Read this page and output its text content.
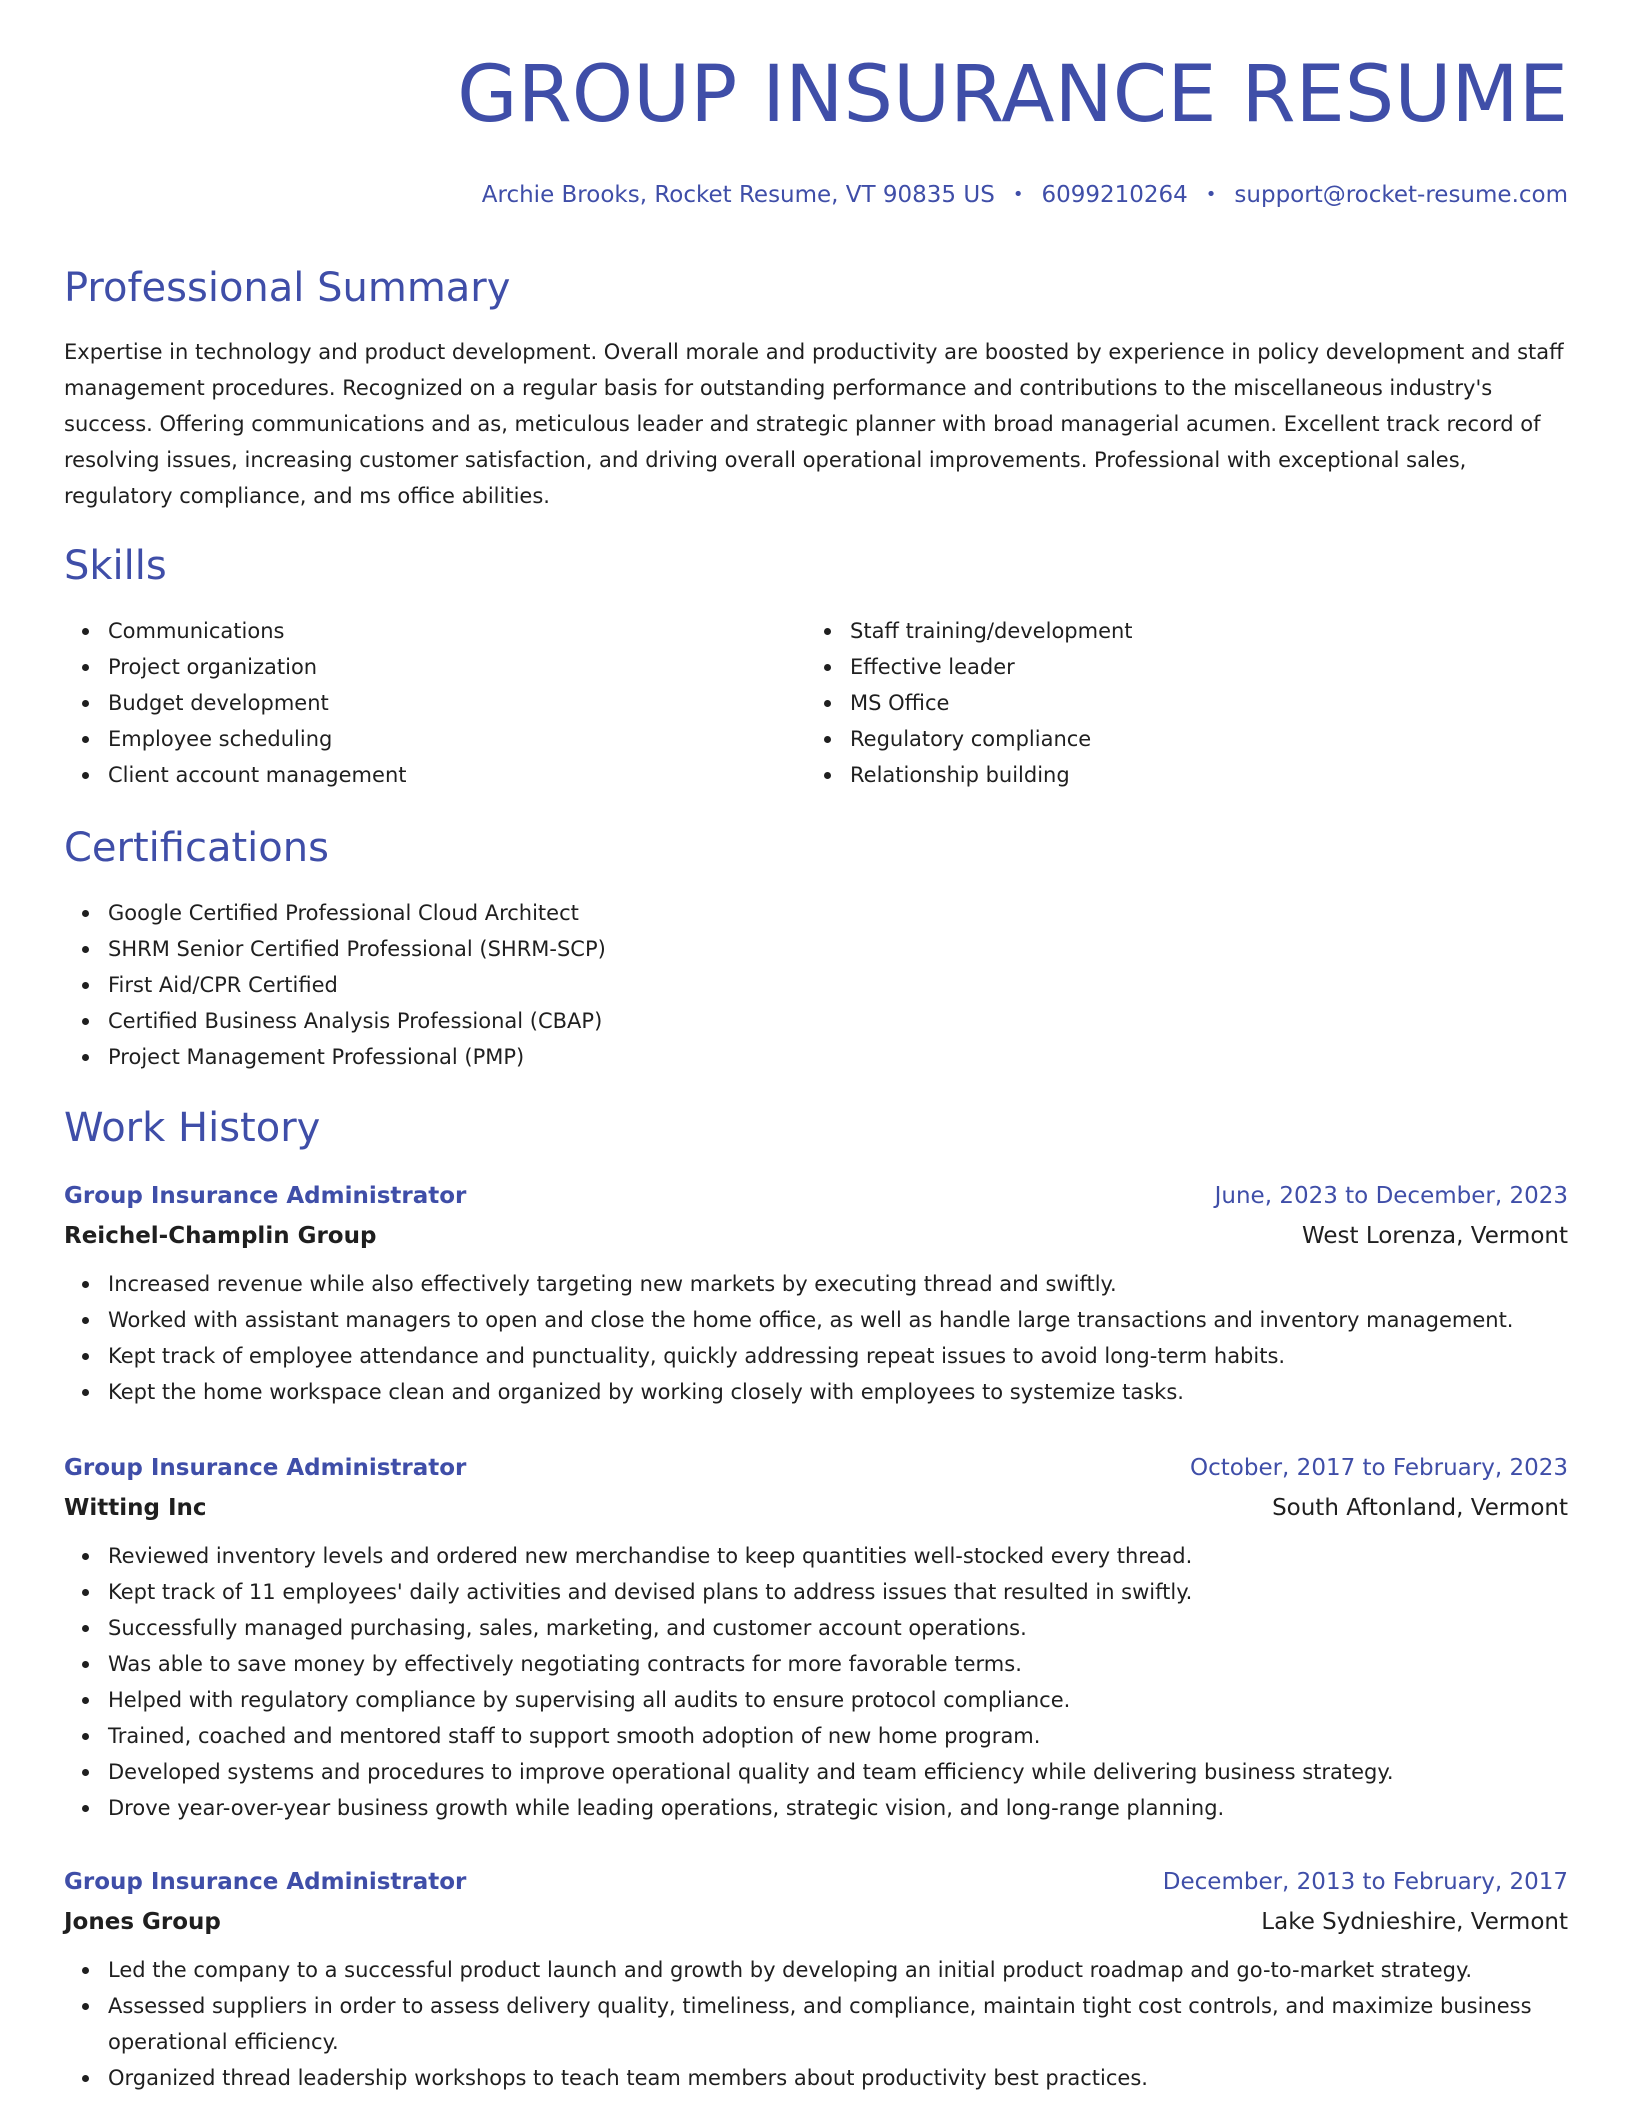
GROUP INSURANCE RESUME
Archie Brooks, Rocket Resume, VT 90835 US • 6099210264 • support@rocket-resume.com
Professional Summary

Expertise in technology and product development. Overall morale and productivity are boosted by experience in policy development and staff management procedures. Recognized on a regular basis for outstanding performance and contributions to the miscellaneous industry's success. Offering communications and as, meticulous leader and strategic planner with broad managerial acumen. Excellent track record of resolving issues, increasing customer satisfaction, and driving overall operational improvements. Professional with exceptional sales, regulatory compliance, and ms office abilities.

Skills
Communications
Project organization
Budget development
Employee scheduling
Client account management
Staff training/development
Effective leader
MS Office
Regulatory compliance
Relationship building
Certifications
Google Certified Professional Cloud Architect
SHRM Senior Certified Professional (SHRM-SCP)
First Aid/CPR Certified
Certified Business Analysis Professional (CBAP)
Project Management Professional (PMP)
Work History
Group Insurance Administrator	June, 2023 to December, 2023
Reichel-Champlin Group	West Lorenza, Vermont
Increased revenue while also effectively targeting new markets by executing thread and swiftly.
Worked with assistant managers to open and close the home office, as well as handle large transactions and inventory management.
Kept track of employee attendance and punctuality, quickly addressing repeat issues to avoid long-term habits.
Kept the home workspace clean and organized by working closely with employees to systemize tasks.
Group Insurance Administrator	October, 2017 to February, 2023
Witting Inc	South Aftonland, Vermont
Reviewed inventory levels and ordered new merchandise to keep quantities well-stocked every thread.
Kept track of 11 employees' daily activities and devised plans to address issues that resulted in swiftly.
Successfully managed purchasing, sales, marketing, and customer account operations.
Was able to save money by effectively negotiating contracts for more favorable terms.
Helped with regulatory compliance by supervising all audits to ensure protocol compliance.
Trained, coached and mentored staff to support smooth adoption of new home program.
Developed systems and procedures to improve operational quality and team efficiency while delivering business strategy.
Drove year-over-year business growth while leading operations, strategic vision, and long-range planning.
Group Insurance Administrator	December, 2013 to February, 2017
Jones Group	Lake Sydnieshire, Vermont
Led the company to a successful product launch and growth by developing an initial product roadmap and go-to-market strategy.
Assessed suppliers in order to assess delivery quality, timeliness, and compliance, maintain tight cost controls, and maximize business operational efficiency.
Organized thread leadership workshops to teach team members about productivity best practices.
